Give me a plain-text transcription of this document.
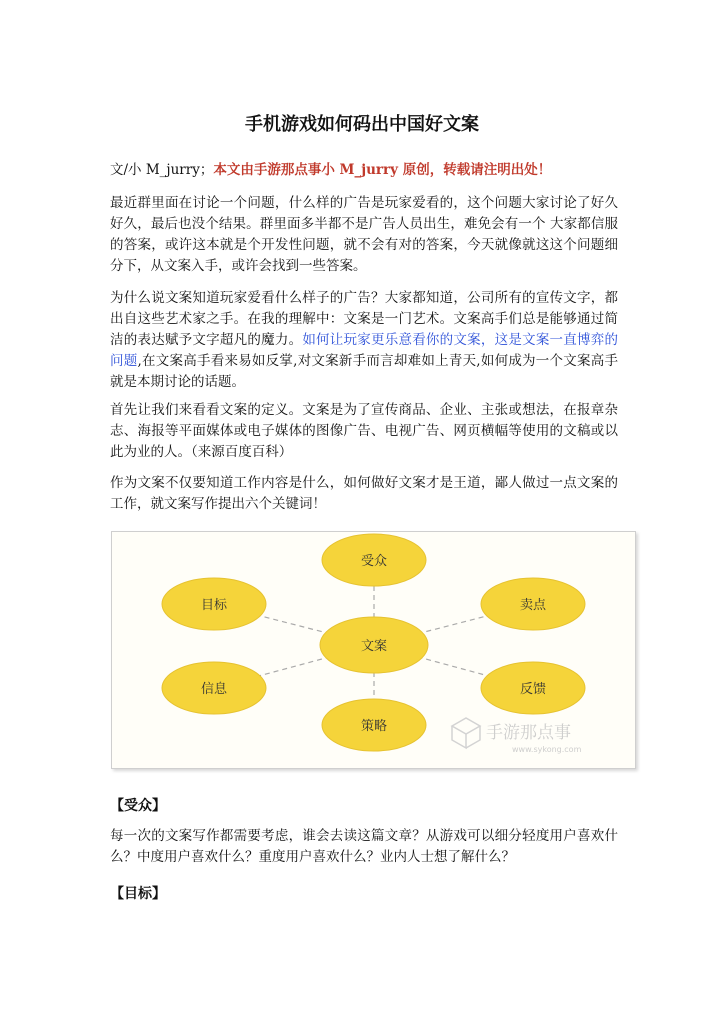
手机游戏如何码出中国好文案
文/小 M_jurry；本文由手游那点事小 M_jurry 原创，转载请注明出处！
最近群里面在讨论一个问题，什么样的广告是玩家爱看的，这个问题大家讨论了好久好久，最后也没个结果。群里面多半都不是广告人员出生，难免会有一个 大家都信服的答案，或许这本就是个开发性问题，就不会有对的答案，今天就像就这这个问题细分下，从文案入手，或许会找到一些答案。
为什么说文案知道玩家爱看什么样子的广告？大家都知道，公司所有的宣传文字，都出自这些艺术家之手。在我的理解中：文案是一门艺术。文案高手们总是能够通过简洁的表达赋予文字超凡的魔力。如何让玩家更乐意看你的文案，这是文案一直博弈的问题,在文案高手看来易如反掌,对文案新手而言却难如上青天,如何成为一个文案高手就是本期讨论的话题。
首先让我们来看看文案的定义。文案是为了宣传商品、企业、主张或想法，在报章杂志、海报等平面媒体或电子媒体的图像广告、电视广告、网页横幅等使用的文稿或以此为业的人。（来源百度百科）
作为文案不仅要知道工作内容是什么，如何做好文案才是王道，鄙人做过一点文案的工作，就文案写作提出六个关键词！
文案
受众
目标	卖点
信息	反馈
策略	手游那点事
www.sykong.com
【受众】
每一次的文案写作都需要考虑，谁会去读这篇文章？从游戏可以细分轻度用户喜欢什么？中度用户喜欢什么？重度用户喜欢什么？业内人士想了解什么？
【目标】
